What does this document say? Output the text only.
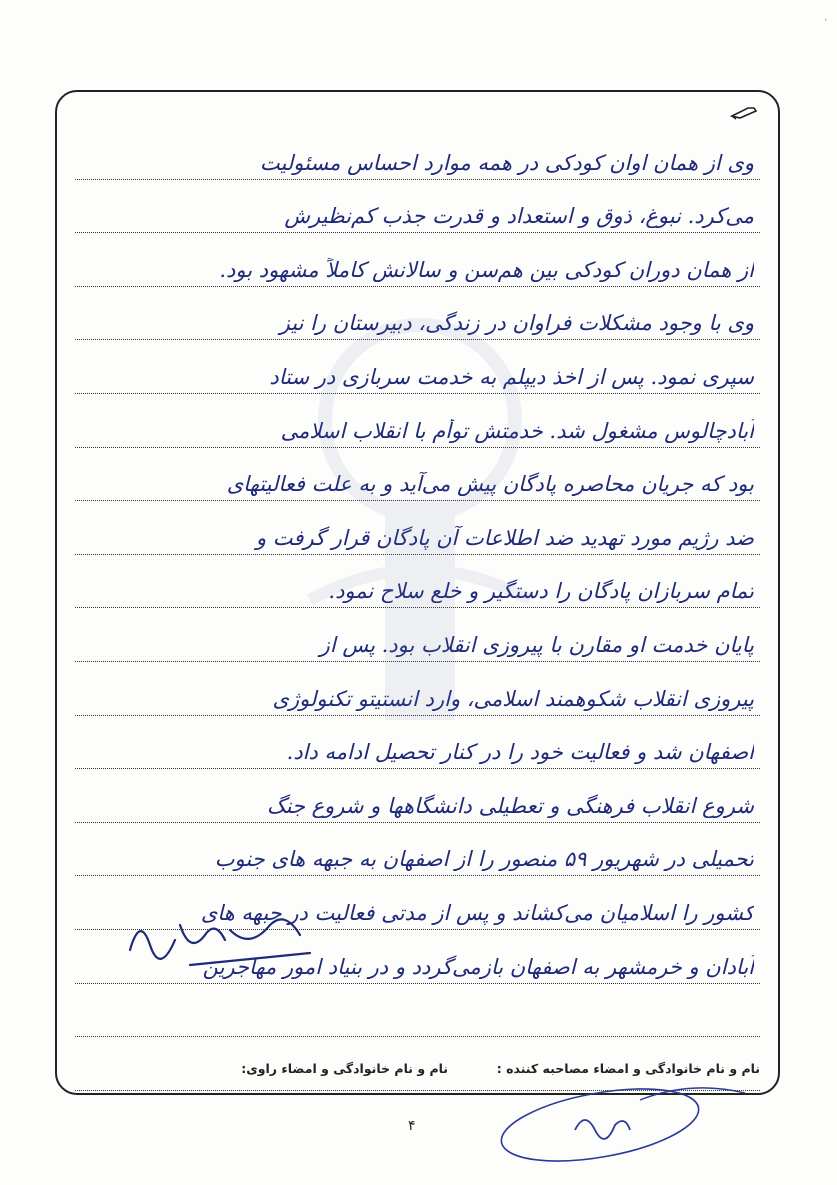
وی از همان اوان کودکی در همه موارد احساس مسئولیت
می‌کرد. نبوغ، ذوق و استعداد و قدرت جذب کم‌نظیرش
از همان دوران کودکی بین هم‌سن و سالانش کاملاً مشهود بود.
وی با وجود مشکلات فراوان در زندگی، دبیرستان را نیز
سپری نمود. پس از اخذ دیپلم به خدمت سربازی در ستاد
آبادچالوس مشغول شد. خدمتش توأم با انقلاب اسلامی
بود که جریان محاصره پادگان پیش می‌آید و به علت فعالیتهای
ضد رژیم مورد تهدید ضد اطلاعات آن پادگان قرار گرفت و
تمام سربازان پادگان را دستگیر و خلع سلاح نمود.
پایان خدمت او مقارن با پیروزی انقلاب بود. پس از
پیروزی انقلاب شکوهمند اسلامی، وارد انستیتو تکنولوژی
اصفهان شد و فعالیت خود را در کنار تحصیل ادامه داد.
شروع انقلاب فرهنگی و تعطیلی دانشگاهها و شروع جنگ
تحمیلی در شهریور ۵۹ منصور را از اصفهان به جبهه های جنوب
کشور را اسلامیان می‌کشاند و پس از مدتی فعالیت در جبهه های
آبادان و خرمشهر به اصفهان بازمی‌گردد و در بنیاد امور مهاجرین
نام و نام خانوادگی و امضاء مصاحبه کننده :
نام و نام خانوادگی و امضاء راوی:
۴
'
